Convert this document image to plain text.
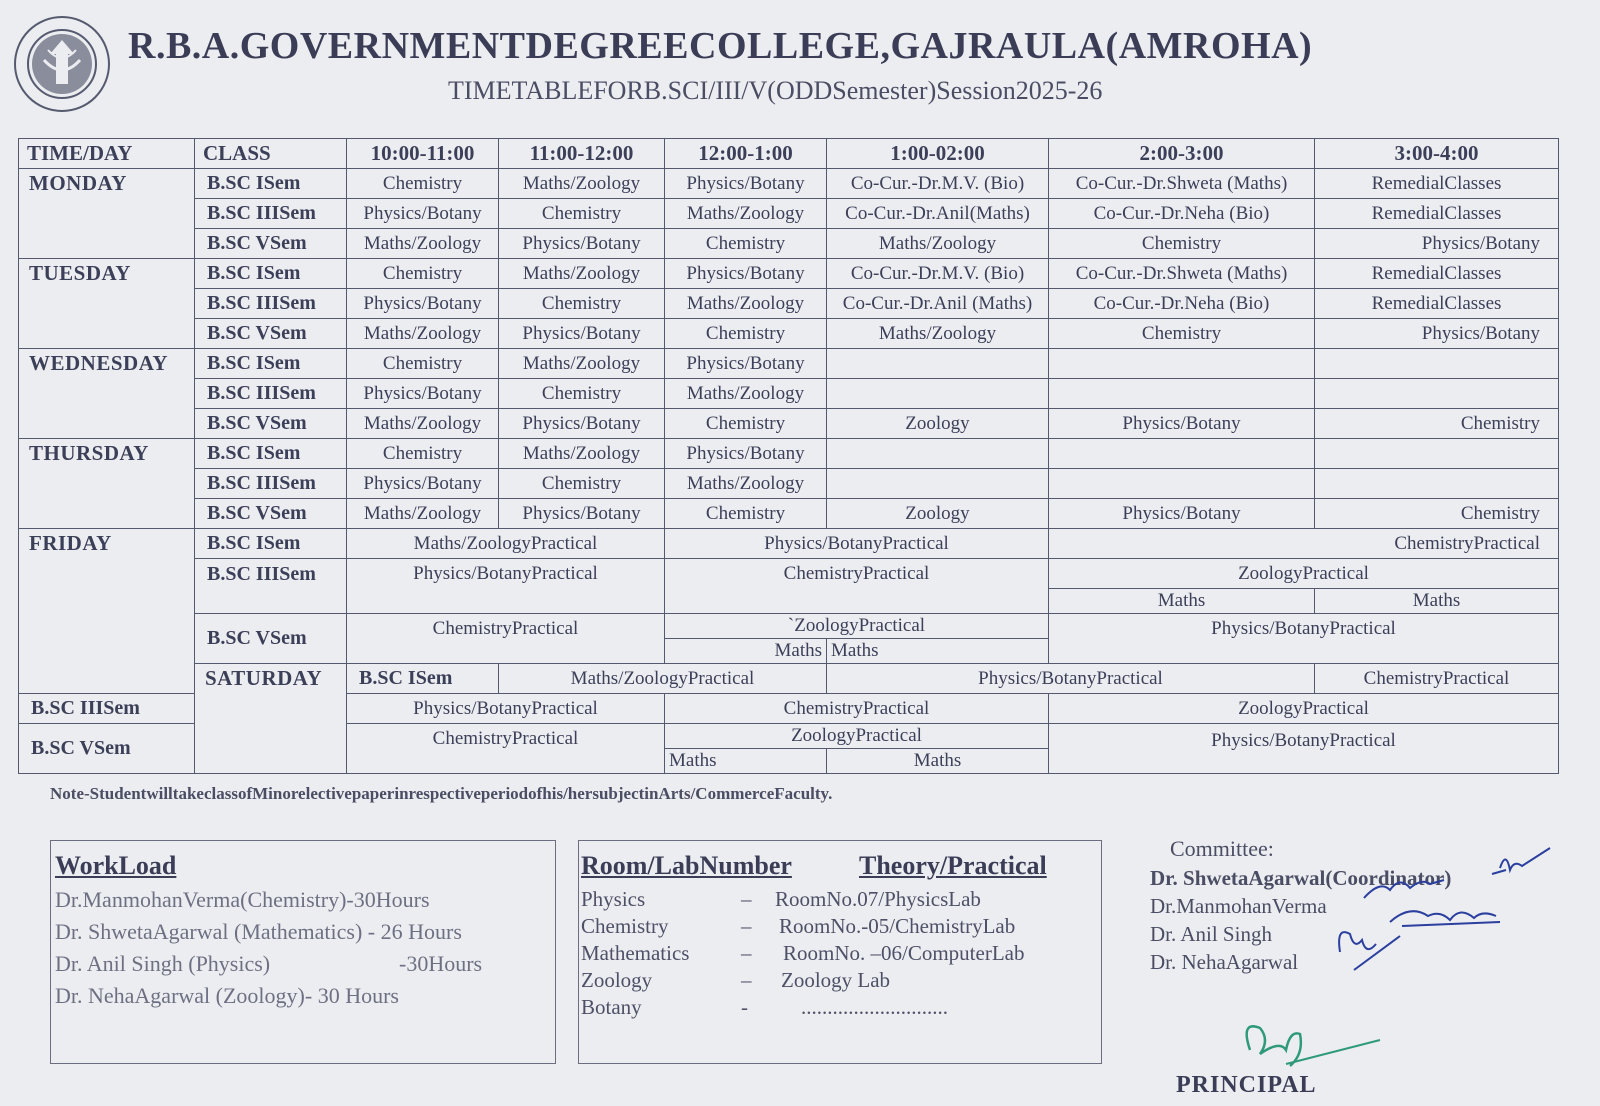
R.B.A.GOVERNMENTDEGREECOLLEGE,GAJRAULA(AMROHA)
TIMETABLEFORB.SCI/III/V(ODDSemester)Session2025-26
TIME/DAY	CLASS	10:00-11:00	11:00-12:00	12:00-1:00	1:00-02:00	2:00-3:00	3:00-4:00
MONDAY	B.SC ISem	Chemistry	Maths/Zoology	Physics/Botany	Co-Cur.-Dr.M.V. (Bio)	Co-Cur.-Dr.Shweta (Maths)	RemedialClasses
	B.SC IIISem	Physics/Botany	Chemistry	Maths/Zoology	Co-Cur.-Dr.Anil(Maths)	Co-Cur.-Dr.Neha (Bio)	RemedialClasses
	B.SC VSem	Maths/Zoology	Physics/Botany	Chemistry	Maths/Zoology	Chemistry	Physics/Botany
TUESDAY	B.SC ISem	Chemistry	Maths/Zoology	Physics/Botany	Co-Cur.-Dr.M.V. (Bio)	Co-Cur.-Dr.Shweta (Maths)	RemedialClasses
	B.SC IIISem	Physics/Botany	Chemistry	Maths/Zoology	Co-Cur.-Dr.Anil (Maths)	Co-Cur.-Dr.Neha (Bio)	RemedialClasses
	B.SC VSem	Maths/Zoology	Physics/Botany	Chemistry	Maths/Zoology	Chemistry	Physics/Botany
WEDNESDAY	B.SC ISem	Chemistry	Maths/Zoology	Physics/Botany			
	B.SC IIISem	Physics/Botany	Chemistry	Maths/Zoology			
	B.SC VSem	Maths/Zoology	Physics/Botany	Chemistry	Zoology	Physics/Botany	Chemistry
THURSDAY	B.SC ISem	Chemistry	Maths/Zoology	Physics/Botany			
	B.SC IIISem	Physics/Botany	Chemistry	Maths/Zoology			
	B.SC VSem	Maths/Zoology	Physics/Botany	Chemistry	Zoology	Physics/Botany	Chemistry
FRIDAY	B.SC ISem	Maths/ZoologyPractical		Physics/BotanyPractical		ChemistryPractical	
	B.SC IIISem	Physics/BotanyPractical		ChemistryPractical		ZoologyPractical	
						Maths	Maths
	B.SC VSem	ChemistryPractical		`ZoologyPractical		Physics/BotanyPractical	
				Maths	Maths		
	SATURDAY	B.SC ISem	Maths/ZoologyPractical		Physics/BotanyPractical		ChemistryPractical
B.SC IIISem		Physics/BotanyPractical		ChemistryPractical		ZoologyPractical	
B.SC VSem		ChemistryPractical		ZoologyPractical		Physics/BotanyPractical	
				Maths	Maths		
Note-StudentwilltakeclassofMinorelectivepaperinrespectiveperiodofhis/hersubjectinArts/CommerceFaculty.
WorkLoad
Dr.ManmohanVerma(Chemistry)-30Hours
Dr. ShwetaAgarwal (Mathematics) - 26 Hours
Dr. Anil Singh (Physics)	-30Hours
Dr. NehaAgarwal (Zoology)- 30 Hours
Room/LabNumber	Theory/Practical
Physics	– RoomNo.07/PhysicsLab
Chemistry	– RoomNo.-05/ChemistryLab
Mathematics – RoomNo. –06/ComputerLab
Zoology	– Zoology Lab
Botany	-	............................
Committee:
Dr. ShwetaAgarwal(Coordinator)
Dr.ManmohanVerma
Dr. Anil Singh
Dr. NehaAgarwal
PRINCIPAL
